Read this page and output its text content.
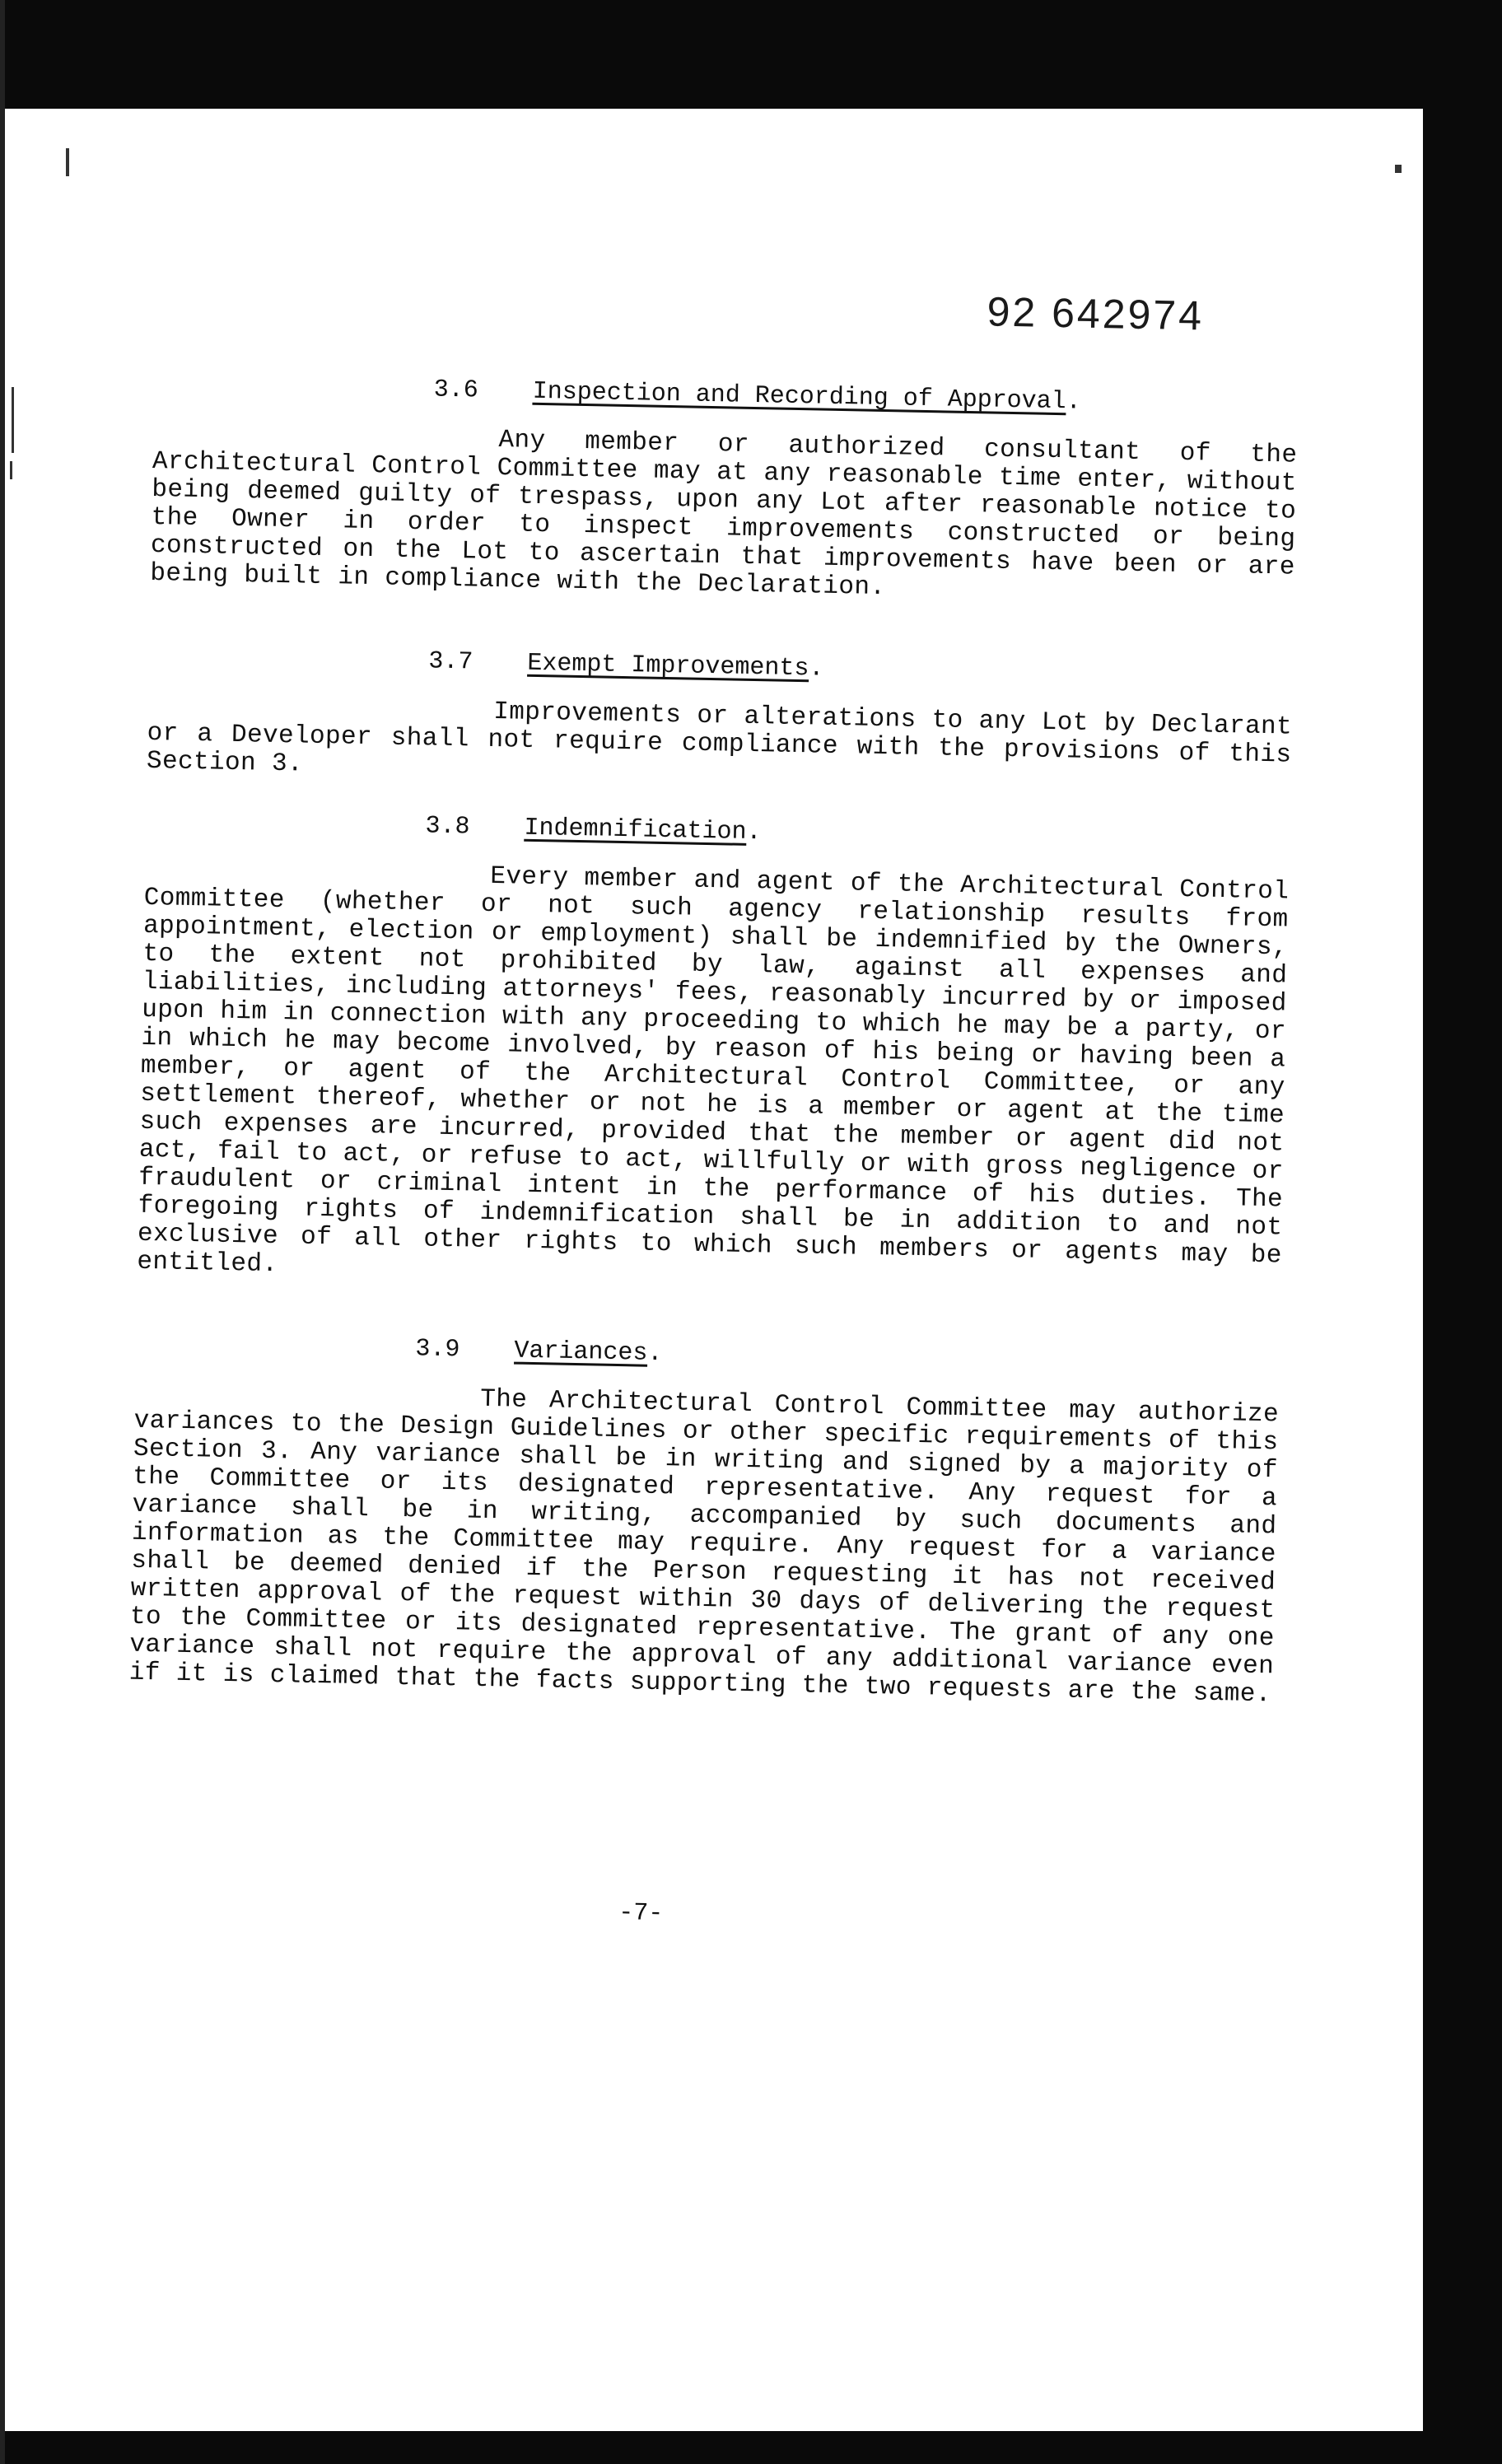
92 642974
3.6 Inspection and Recording of Approval.
Any member or authorized consultant of the Architectural Control Committee may at any reasonable time enter, without being deemed guilty of trespass, upon any Lot after reasonable notice to the Owner in order to inspect improvements constructed or being constructed on the Lot to ascertain that improvements have been or are being built in compliance with the Declaration.
3.7 Exempt Improvements.
Improvements or alterations to any Lot by Declarant or a Developer shall not require compliance with the provisions of this Section 3.
3.8 Indemnification.
Every member and agent of the Architectural Control Committee (whether or not such agency relationship results from appointment, election or employment) shall be indemnified by the Owners, to the extent not prohibited by law, against all expenses and liabilities, including attorneys' fees, reasonably incurred by or imposed upon him in connection with any proceeding to which he may be a party, or in which he may become involved, by reason of his being or having been a member, or agent of the Architectural Control Committee, or any settlement thereof, whether or not he is a member or agent at the time such expenses are incurred, provided that the member or agent did not act, fail to act, or refuse to act, willfully or with gross negligence or fraudulent or criminal intent in the performance of his duties. The foregoing rights of indemnification shall be in addition to and not exclusive of all other rights to which such members or agents may be entitled.
3.9 Variances.
The Architectural Control Committee may authorize variances to the Design Guidelines or other specific requirements of this Section 3. Any variance shall be in writing and signed by a majority of the Committee or its designated representative. Any request for a variance shall be in writing, accompanied by such documents and information as the Committee may require. Any request for a variance shall be deemed denied if the Person requesting it has not received written approval of the request within 30 days of delivering the request to the Committee or its designated representative. The grant of any one variance shall not require the approval of any additional variance even if it is claimed that the facts supporting the two requests are the same.
-7-
